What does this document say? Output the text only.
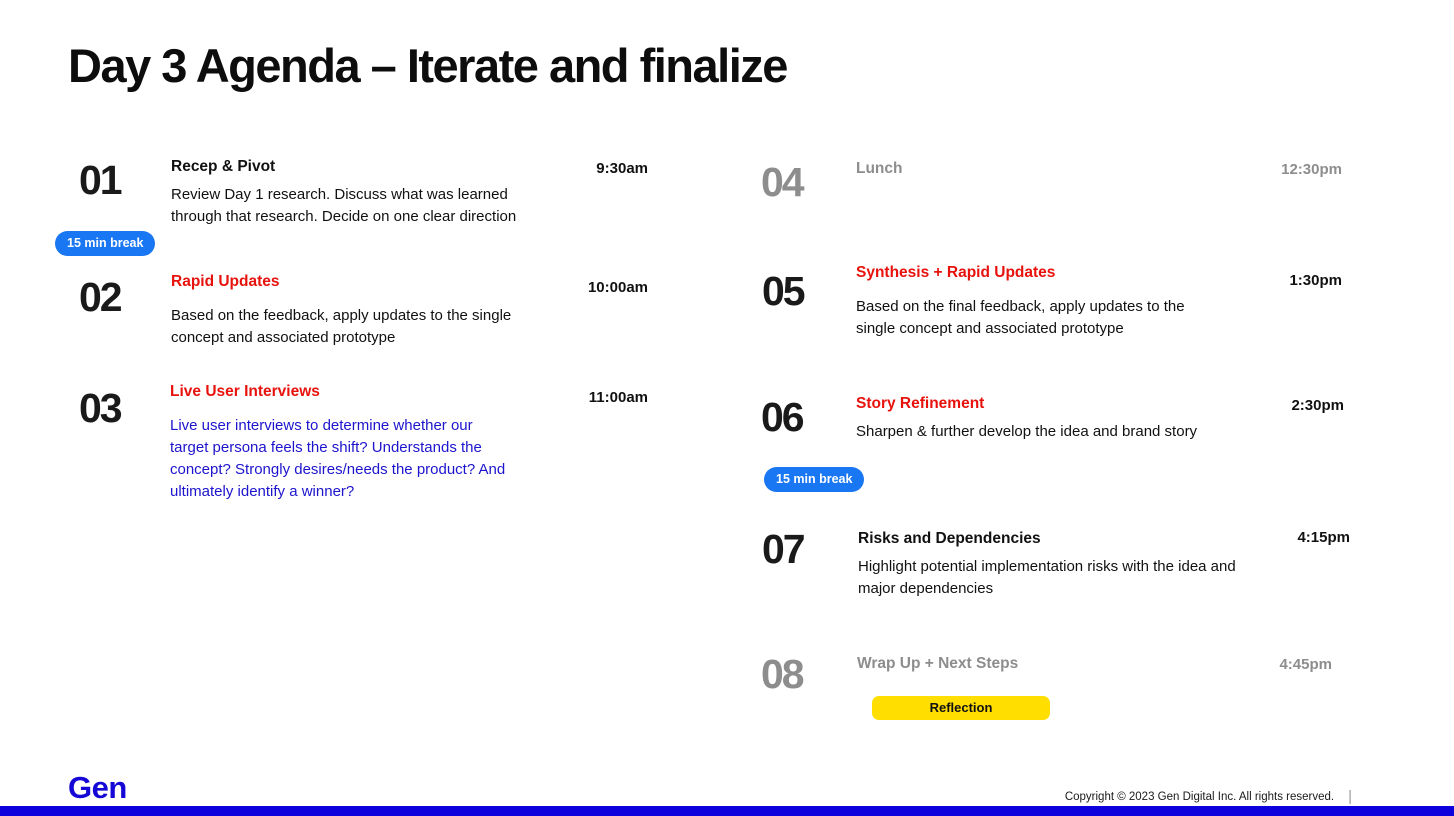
Day 3 Agenda – Iterate and finalize
01	Recep & Pivot
Review Day 1 research. Discuss what was learned
through that research. Decide on one clear direction
9:30am
15 min break
02	Rapid Updates
Based on the feedback, apply updates to the single
concept and associated prototype
10:00am
03	Live User Interviews
Live user interviews to determine whether our
target persona feels the shift? Understands the
concept? Strongly desires/needs the product? And
ultimately identify a winner?
11:00am
04	Lunch	12:30pm
05	Synthesis + Rapid Updates
Based on the final feedback, apply updates to the
single concept and associated prototype
1:30pm
06	Story Refinement
Sharpen & further develop the idea and brand story
2:30pm
15 min break
07	Risks and Dependencies
Highlight potential implementation risks with the idea and
major dependencies
4:15pm
08	Wrap Up + Next Steps	4:45pm
Reflection
Gen	Copyright © 2023 Gen Digital Inc. All rights reserved. |
